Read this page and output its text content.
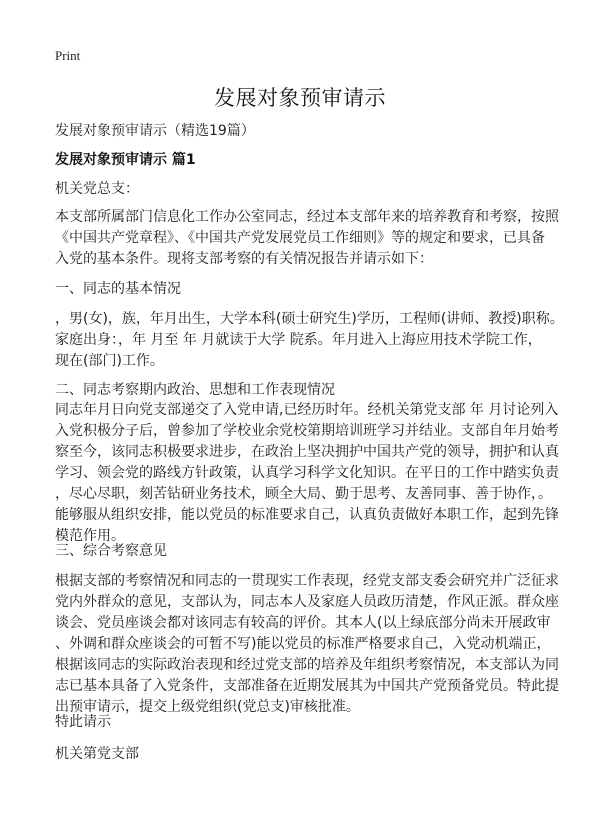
Print
发展对象预审请示
发展对象预审请示（精选19篇）
发展对象预审请示 篇1
机关党总支：
本支部所属部门信息化工作办公室同志，经过本支部年来的培养教育和考察，按照
《中国共产党章程》、《中国共产党发展党员工作细则》等的规定和要求，已具备
入党的基本条件。现将支部考察的有关情况报告并请示如下：
一、同志的基本情况
，男(女)，族，年月出生，大学本科(硕士研究生)学历，工程师(讲师、教授)职称。
家庭出身：，年 月至 年 月就读于大学 院系。年月进入上海应用技术学院工作，
现在(部门)工作。
二、同志考察期内政治、思想和工作表现情况
同志年月日向党支部递交了入党申请,已经历时年。经机关第党支部 年 月讨论列入
入党积极分子后，曾参加了学校业余党校第期培训班学习并结业。支部自年月始考
察至今，该同志积极要求进步，在政治上坚决拥护中国共产党的领导，拥护和认真
学习、领会党的路线方针政策，认真学习科学文化知识。在平日的工作中踏实负责
，尽心尽职，刻苦钻研业务技术，顾全大局、勤于思考、友善同事、善于协作，。
能够服从组织安排，能以党员的标准要求自己，认真负责做好本职工作，起到先锋
模范作用。
三、综合考察意见
根据支部的考察情况和同志的一贯现实工作表现，经党支部支委会研究并广泛征求
党内外群众的意见，支部认为，同志本人及家庭人员政历清楚，作风正派。群众座
谈会、党员座谈会都对该同志有较高的评价。其本人(以上绿底部分尚未开展政审
、外调和群众座谈会的可暂不写)能以党员的标准严格要求自己，入党动机端正，
根据该同志的实际政治表现和经过党支部的培养及年组织考察情况，本支部认为同
志已基本具备了入党条件，支部准备在近期发展其为中国共产党预备党员。特此提
出预审请示，提交上级党组织(党总支)审核批准。
特此请示
机关第党支部
